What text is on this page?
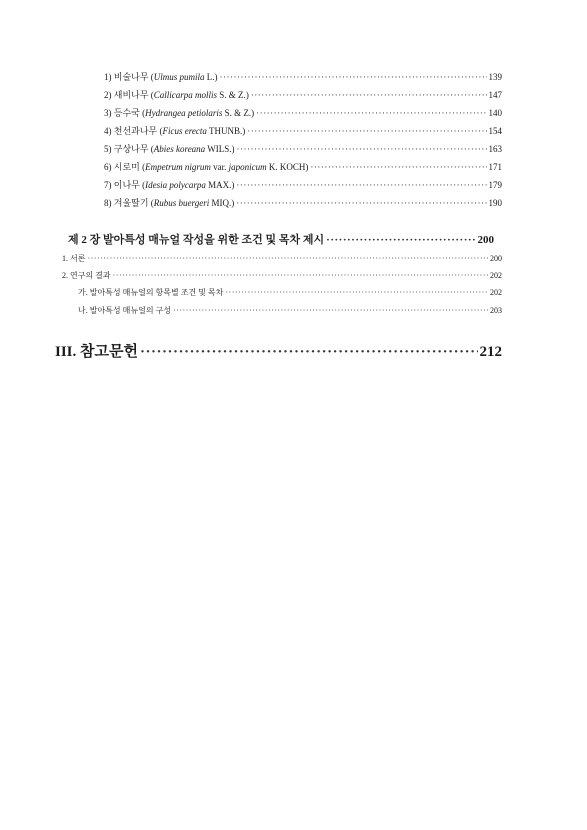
1) 비술나무 (Ulmus pumila L.) ·····	139
2) 새비나무 (Callicarpa mollis S. & Z.) ·····	147
3) 등수국 (Hydrangea petiolaris S. & Z.) ·····	140
4) 천선과나무 (Ficus erecta THUNB.) ·····	154
5) 구상나무 (Abies koreana WILS.) ·····	163
6) 시로미 (Empetrum nigrum var. japonicum K. KOCH) ·····	171
7) 이나무 (Idesia polycarpa MAX.) ·····	179
8) 겨울딸기 (Rubus buergeri MIQ.) ·····	190
제 2 장 발아특성 매뉴얼 작성을 위한 조건 및 목차 제시 ·····	200
1. 서론 ·····	200
2. 연구의 결과 ·····	202
가. 발아특성 매뉴얼의 항목별 조건 및 목차 ·····	202
나. 발아특성 매뉴얼의 구성 ·····	203
III. 참고문헌 ·····	212
